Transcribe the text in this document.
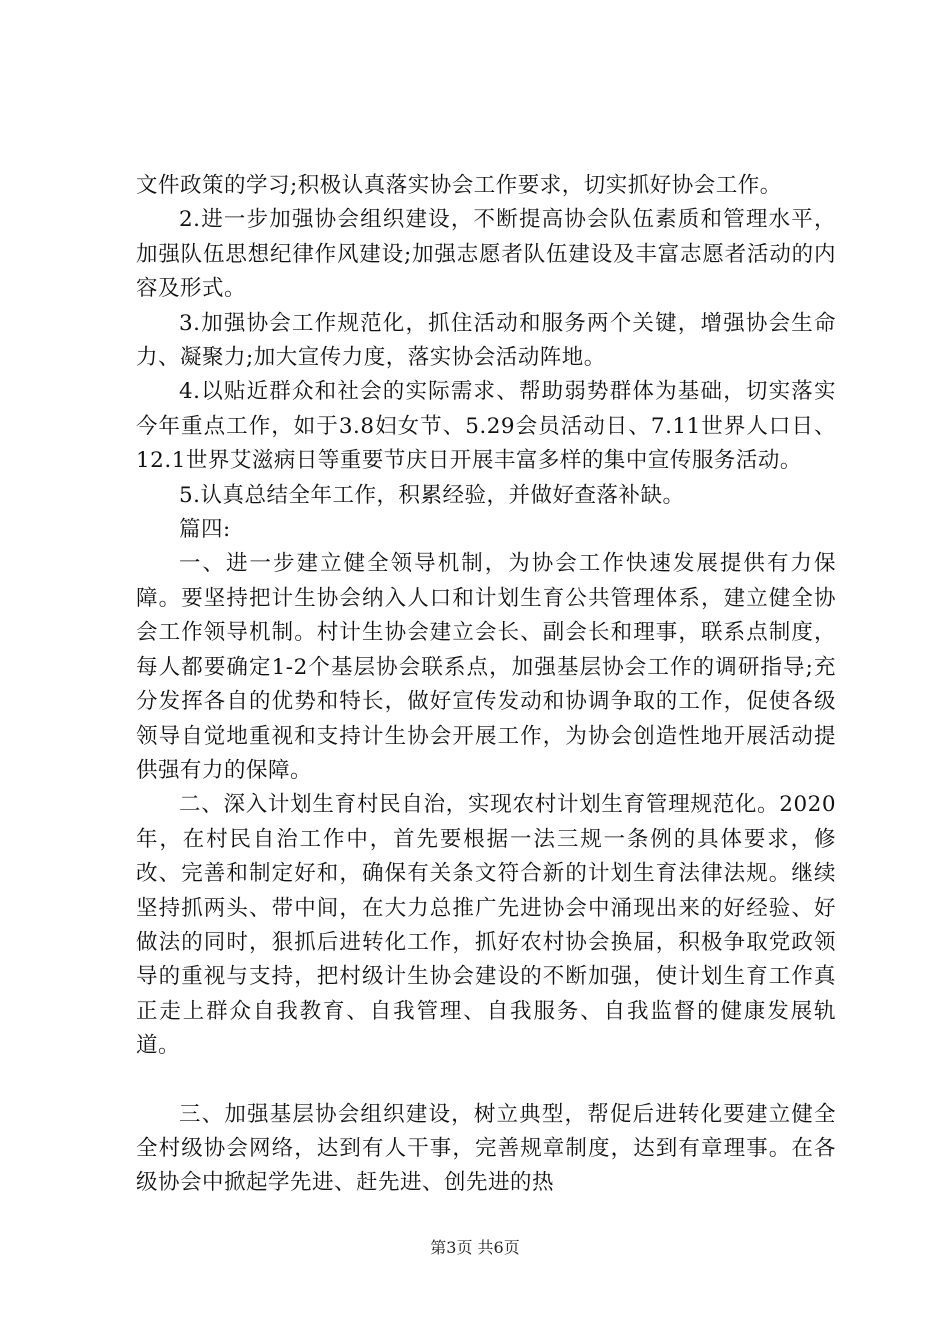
文件政策的学习;积极认真落实协会工作要求，切实抓好协会工作。

2.进一步加强协会组织建设，不断提高协会队伍素质和管理水平，加强队伍思想纪律作风建设;加强志愿者队伍建设及丰富志愿者活动的内容及形式。

3.加强协会工作规范化，抓住活动和服务两个关键，增强协会生命力、凝聚力;加大宣传力度，落实协会活动阵地。

4.以贴近群众和社会的实际需求、帮助弱势群体为基础，切实落实今年重点工作，如于3.8妇女节、5.29会员活动日、7.11世界人口日、12.1世界艾滋病日等重要节庆日开展丰富多样的集中宣传服务活动。

5.认真总结全年工作，积累经验，并做好查落补缺。

篇四:

一、进一步建立健全领导机制，为协会工作快速发展提供有力保障。要坚持把计生协会纳入人口和计划生育公共管理体系，建立健全协会工作领导机制。村计生协会建立会长、副会长和理事，联系点制度，每人都要确定1-2个基层协会联系点，加强基层协会工作的调研指导;充分发挥各自的优势和特长，做好宣传发动和协调争取的工作，促使各级领导自觉地重视和支持计生协会开展工作，为协会创造性地开展活动提供强有力的保障。

二、深入计划生育村民自治，实现农村计划生育管理规范化。2020年，在村民自治工作中，首先要根据一法三规一条例的具体要求，修改、完善和制定好和，确保有关条文符合新的计划生育法律法规。继续坚持抓两头、带中间，在大力总推广先进协会中涌现出来的好经验、好做法的同时，狠抓后进转化工作，抓好农村协会换届，积极争取党政领导的重视与支持，把村级计生协会建设的不断加强，使计划生育工作真正走上群众自我教育、自我管理、自我服务、自我监督的健康发展轨道。

三、加强基层协会组织建设，树立典型，帮促后进转化要建立健全全村级协会网络，达到有人干事，完善规章制度，达到有章理事。在各级协会中掀起学先进、赶先进、创先进的热

第3页 共6页
